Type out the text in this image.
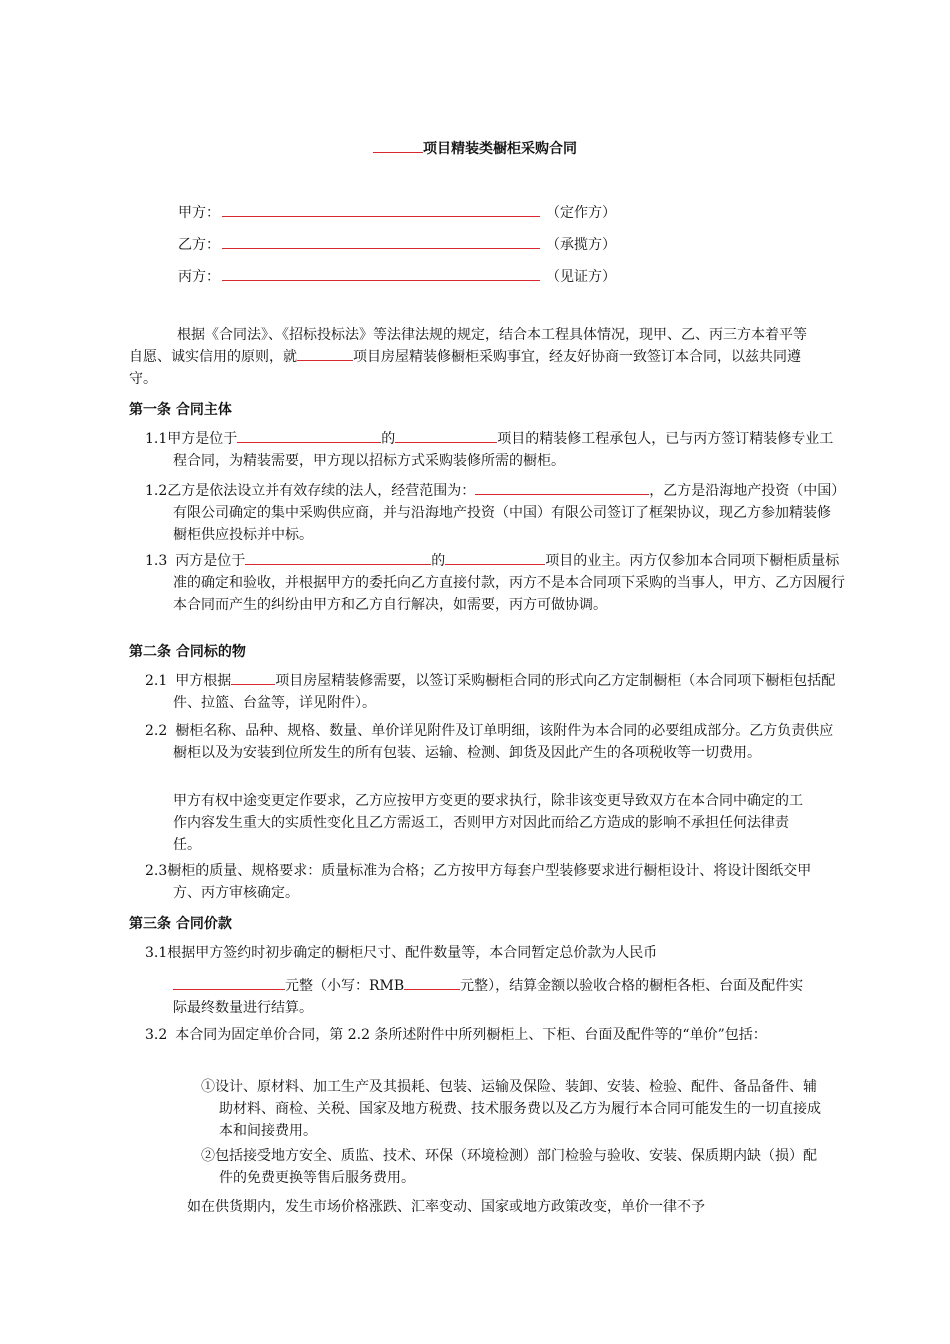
项目精装类橱柜采购合同
甲方：	（定作方）
乙方：	（承揽方）
丙方：	（见证方）
根据《合同法》、《招标投标法》等法律法规的规定，结合本工程具体情况，现甲、乙、丙三方本着平等自愿、诚实信用的原则，就	项目房屋精装修橱柜采购事宜，经友好协商一致签订本合同，以兹共同遵守。
第一条 合同主体
1.1甲方是位于	的	项目的精装修工程承包人，已与丙方签订精装修专业工程合同，为精装需要，甲方现以招标方式采购装修所需的橱柜。
1.2乙方是依法设立并有效存续的法人，经营范围为：	，乙方是沿海地产投资（中国）有限公司确定的集中采购供应商，并与沿海地产投资（中国）有限公司签订了框架协议，现乙方参加精装修橱柜供应投标并中标。
1.3 丙方是位于	的	项目的业主。丙方仅参加本合同项下橱柜质量标准的确定和验收，并根据甲方的委托向乙方直接付款，丙方不是本合同项下采购的当事人，甲方、乙方因履行本合同而产生的纠纷由甲方和乙方自行解决，如需要，丙方可做协调。
第二条 合同标的物
2.1 甲方根据	项目房屋精装修需要，以签订采购橱柜合同的形式向乙方定制橱柜（本合同项下橱柜包括配件、拉篮、台盆等，详见附件）。
2.2 橱柜名称、品种、规格、数量、单价详见附件及订单明细，该附件为本合同的必要组成部分。乙方负责供应橱柜以及为安装到位所发生的所有包装、运输、检测、卸货及因此产生的各项税收等一切费用。
甲方有权中途变更定作要求，乙方应按甲方变更的要求执行，除非该变更导致双方在本合同中确定的工作内容发生重大的实质性变化且乙方需返工，否则甲方对因此而给乙方造成的影响不承担任何法律责任。
2.3橱柜的质量、规格要求：质量标准为合格；乙方按甲方每套户型装修要求进行橱柜设计、将设计图纸交甲方、丙方审核确定。
第三条 合同价款
3.1根据甲方签约时初步确定的橱柜尺寸、配件数量等，本合同暂定总价款为人民币
元整（小写：RMB	元整），结算金额以验收合格的橱柜各柜、台面及配件实际最终数量进行结算。
3.2 本合同为固定单价合同，第 2.2 条所述附件中所列橱柜上、下柜、台面及配件等的“单价”包括：
①设计、原材料、加工生产及其损耗、包装、运输及保险、装卸、安装、检验、配件、备品备件、辅助材料、商检、关税、国家及地方税费、技术服务费以及乙方为履行本合同可能发生的一切直接成本和间接费用。
②包括接受地方安全、质监、技术、环保（环境检测）部门检验与验收、安装、保质期内缺（损）配件的免费更换等售后服务费用。
如在供货期内，发生市场价格涨跌、汇率变动、国家或地方政策改变，单价一律不予
